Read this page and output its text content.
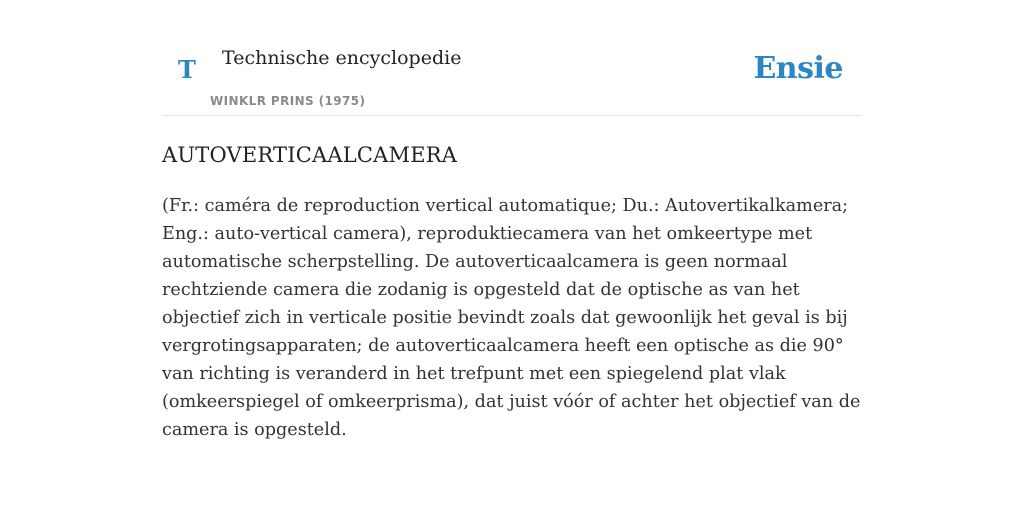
T Technische encyclopedie
WINKLR PRINS (1975)
Ensie
AUTOVERTICAALCAMERA

(Fr.: caméra de reproduction vertical automatique; Du.: Autovertikalkamera; Eng.: auto-vertical camera), reproduktiecamera van het omkeertype met automatische scherpstelling. De autoverticaalcamera is geen normaal rechtziende camera die zodanig is opgesteld dat de optische as van het objectief zich in verticale positie bevindt zoals dat gewoonlijk het geval is bij vergrotingsapparaten; de autoverticaalcamera heeft een optische as die 90° van richting is veranderd in het trefpunt met een spiegelend plat vlak (omkeerspiegel of omkeerprisma), dat juist vóór of achter het objectief van de camera is opgesteld.
